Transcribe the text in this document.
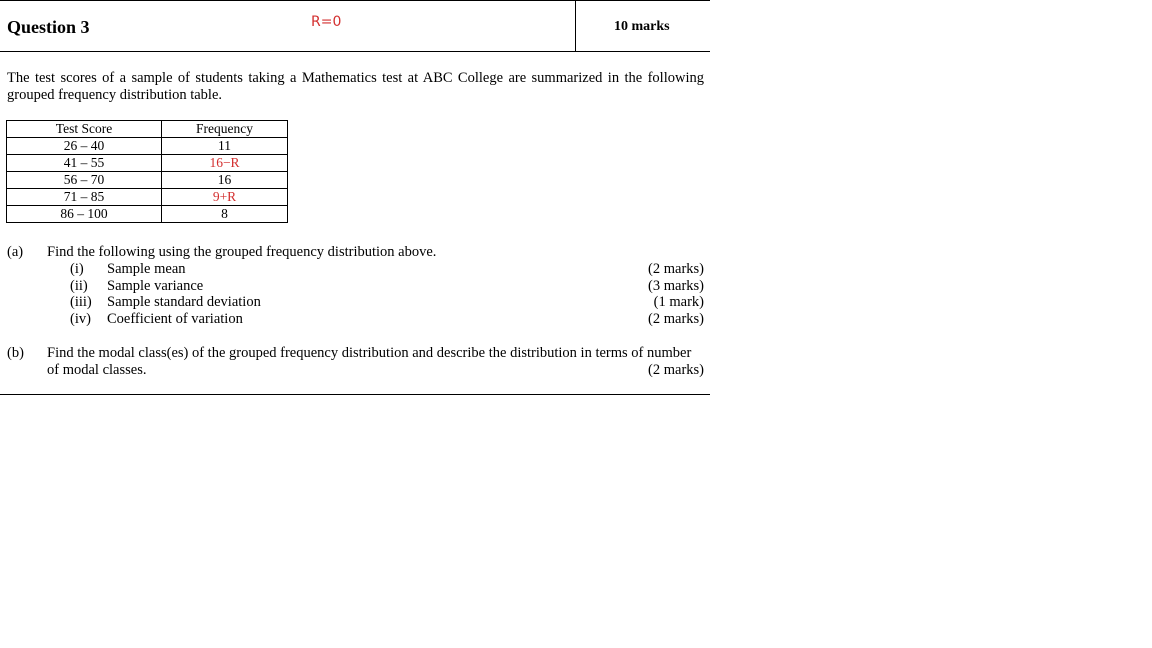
Question 3	R=0	10 marks
The test scores of a sample of students taking a Mathematics test at ABC College are summarized in the following grouped frequency distribution table.
Test Score	Frequency
26 – 40	11
41 – 55	16−R
56 – 70	16
71 – 85	9+R
86 – 100	8
(a) Find the following using the grouped frequency distribution above.
(i) Sample mean	(2 marks)
(ii) Sample variance	(3 marks)
(iii) Sample standard deviation	(1 mark)
(iv) Coefficient of variation	(2 marks)
(b) Find the modal class(es) of the grouped frequency distribution and describe the distribution in terms of number
of modal classes.	(2 marks)
